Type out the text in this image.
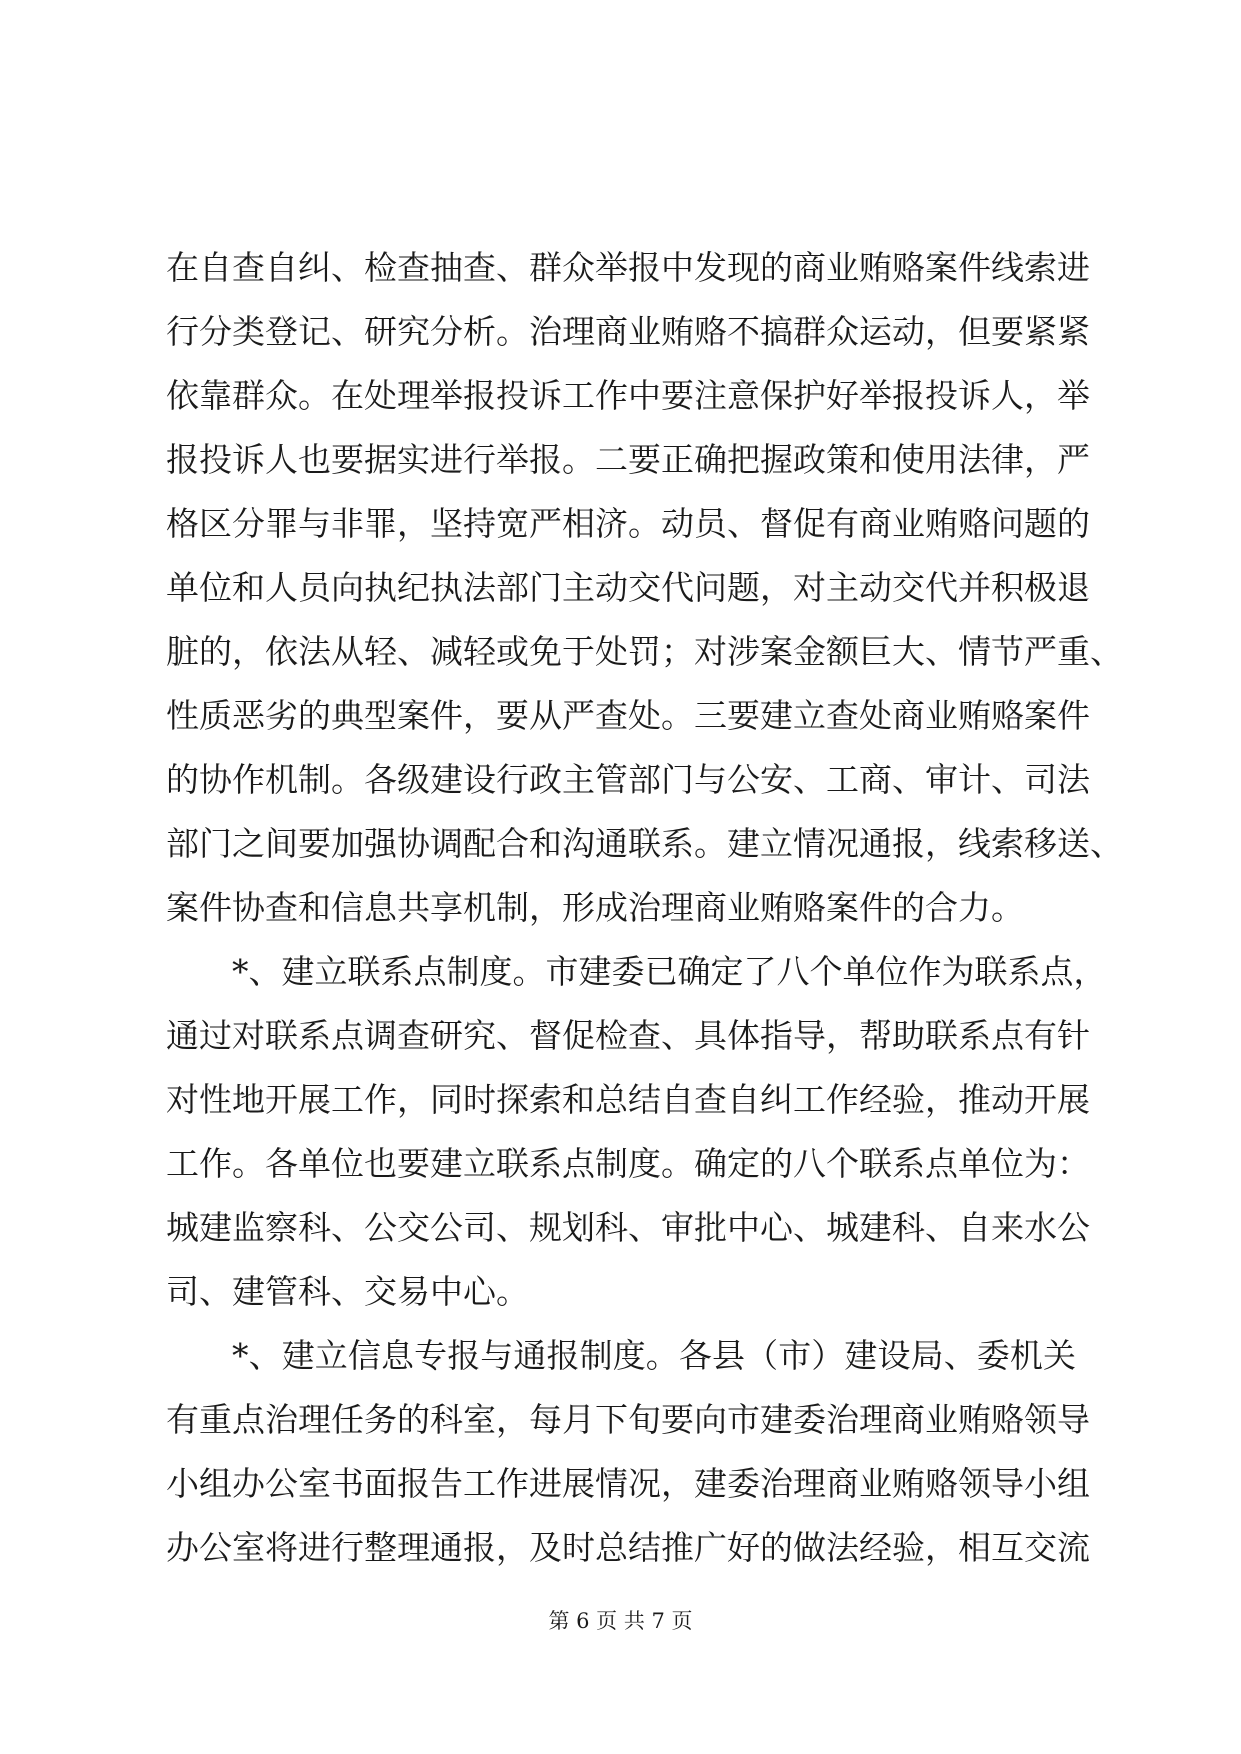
在自查自纠、检查抽查、群众举报中发现的商业贿赂案件线索进
行分类登记、研究分析。治理商业贿赂不搞群众运动，但要紧紧
依靠群众。在处理举报投诉工作中要注意保护好举报投诉人，举
报投诉人也要据实进行举报。二要正确把握政策和使用法律，严
格区分罪与非罪，坚持宽严相济。动员、督促有商业贿赂问题的
单位和人员向执纪执法部门主动交代问题，对主动交代并积极退
脏的，依法从轻、减轻或免于处罚；对涉案金额巨大、情节严重、
性质恶劣的典型案件，要从严查处。三要建立查处商业贿赂案件
的协作机制。各级建设行政主管部门与公安、工商、审计、司法
部门之间要加强协调配合和沟通联系。建立情况通报，线索移送、
案件协查和信息共享机制，形成治理商业贿赂案件的合力。
*、建立联系点制度。市建委已确定了八个单位作为联系点，
通过对联系点调查研究、督促检查、具体指导，帮助联系点有针
对性地开展工作，同时探索和总结自查自纠工作经验，推动开展
工作。各单位也要建立联系点制度。确定的八个联系点单位为：
城建监察科、公交公司、规划科、审批中心、城建科、自来水公
司、建管科、交易中心。
*、建立信息专报与通报制度。各县（市）建设局、委机关
有重点治理任务的科室，每月下旬要向市建委治理商业贿赂领导
小组办公室书面报告工作进展情况，建委治理商业贿赂领导小组
办公室将进行整理通报，及时总结推广好的做法经验，相互交流
第 6 页 共 7 页
